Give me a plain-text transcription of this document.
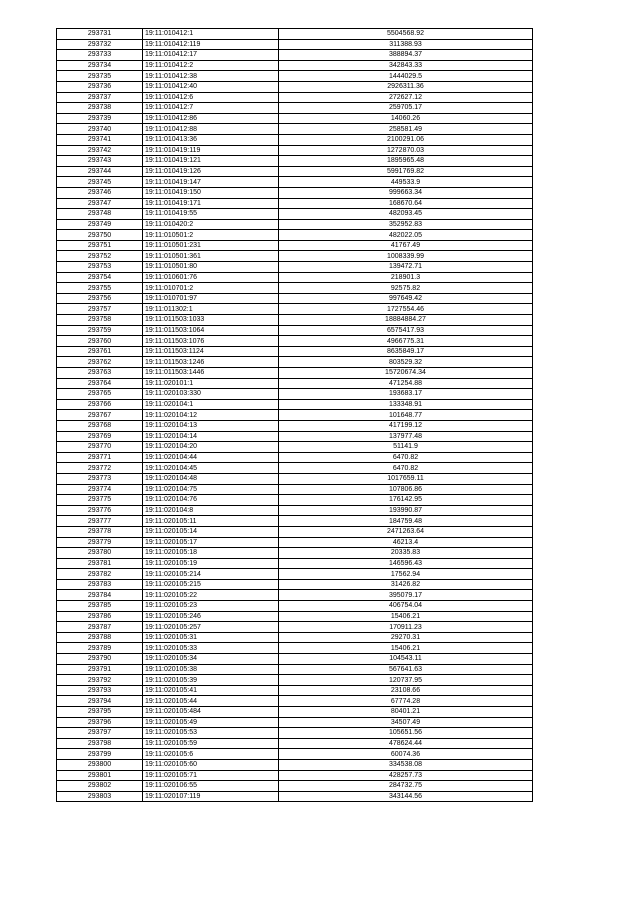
293731	19:11:010412:1	5504568.92
293732	19:11:010412:119	311388.93
293733	19:11:010412:17	388894.37
293734	19:11:010412:2	342843.33
293735	19:11:010412:38	1444029.5
293736	19:11:010412:40	2926311.36
293737	19:11:010412:6	272627.12
293738	19:11:010412:7	259705.17
293739	19:11:010412:86	14060.26
293740	19:11:010412:88	258581.49
293741	19:11:010413:36	2100291.06
293742	19:11:010419:119	1272870.03
293743	19:11:010419:121	1895965.48
293744	19:11:010419:126	5991769.82
293745	19:11:010419:147	449533.9
293746	19:11:010419:150	999663.34
293747	19:11:010419:171	168670.64
293748	19:11:010419:55	482093.45
293749	19:11:010420:2	352952.83
293750	19:11:010501:2	482022.05
293751	19:11:010501:231	41767.49
293752	19:11:010501:361	1008339.99
293753	19:11:010501:80	139472.71
293754	19:11:010601:76	218901.3
293755	19:11:010701:2	92575.82
293756	19:11:010701:97	997649.42
293757	19:11:011302:1	1727554.46
293758	19:11:011503:1033	18884884.27
293759	19:11:011503:1064	6575417.93
293760	19:11:011503:1076	4966775.31
293761	19:11:011503:1124	8635849.17
293762	19:11:011503:1246	803529.32
293763	19:11:011503:1446	15720674.34
293764	19:11:020101:1	471254.88
293765	19:11:020103:330	193683.17
293766	19:11:020104:1	133348.91
293767	19:11:020104:12	101648.77
293768	19:11:020104:13	417199.12
293769	19:11:020104:14	137977.48
293770	19:11:020104:20	51141.9
293771	19:11:020104:44	6470.82
293772	19:11:020104:45	6470.82
293773	19:11:020104:48	1017659.11
293774	19:11:020104:75	107806.86
293775	19:11:020104:76	176142.95
293776	19:11:020104:8	193990.87
293777	19:11:020105:11	184759.48
293778	19:11:020105:14	2471263.64
293779	19:11:020105:17	46213.4
293780	19:11:020105:18	20335.83
293781	19:11:020105:19	146596.43
293782	19:11:020105:214	17562.94
293783	19:11:020105:215	31426.82
293784	19:11:020105:22	395079.17
293785	19:11:020105:23	406754.04
293786	19:11:020105:246	15406.21
293787	19:11:020105:257	170911.23
293788	19:11:020105:31	29270.31
293789	19:11:020105:33	15406.21
293790	19:11:020105:34	104543.11
293791	19:11:020105:38	567641.63
293792	19:11:020105:39	120737.95
293793	19:11:020105:41	23108.66
293794	19:11:020105:44	67774.28
293795	19:11:020105:484	80401.21
293796	19:11:020105:49	34507.49
293797	19:11:020105:53	105651.56
293798	19:11:020105:59	478624.44
293799	19:11:020105:6	60074.36
293800	19:11:020105:60	334538.08
293801	19:11:020105:71	428257.73
293802	19:11:020106:55	284732.75
293803	19:11:020107:119	343144.56
